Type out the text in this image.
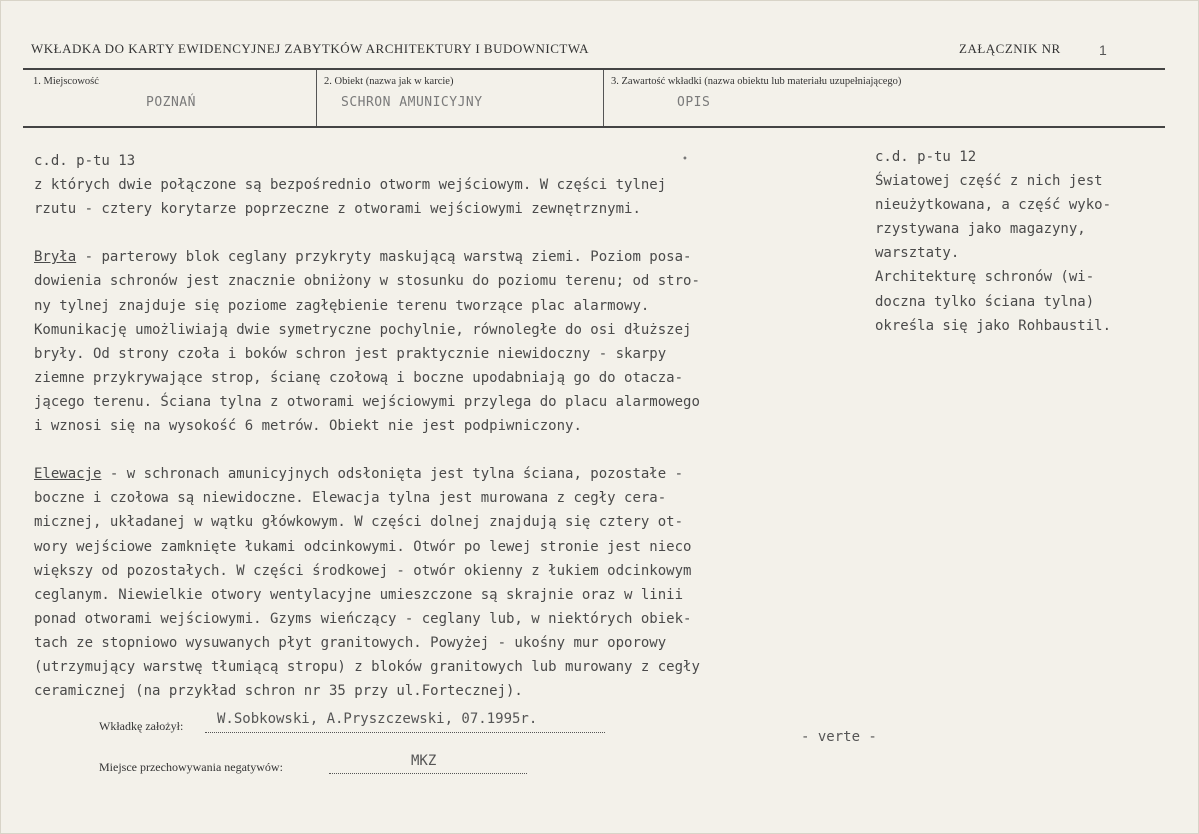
WKŁADKA DO KARTY EWIDENCYJNEJ ZABYTKÓW ARCHITEKTURY I BUDOWNICTWA	ZAŁĄCZNIK NR	1
1. Miejscowość
POZNAŃ
2. Obiekt (nazwa jak w karcie)
SCHRON AMUNICYJNY
3. Zawartość wkładki (nazwa obiektu lub materiału uzupełniającego)
OPIS
•
c.d. p-tu 13
z których dwie połączone są bezpośrednio otworm wejściowym. W części tylnej
rzutu - cztery korytarze poprzeczne z otworami wejściowymi zewnętrznymi.
Bryła - parterowy blok ceglany przykryty maskującą warstwą ziemi. Poziom posa-
dowienia schronów jest znacznie obniżony w stosunku do poziomu terenu; od stro-
ny tylnej znajduje się poziome zagłębienie terenu tworzące plac alarmowy.
Komunikację umożliwiają dwie symetryczne pochylnie, równoległe do osi dłuższej
bryły. Od strony czoła i boków schron jest praktycznie niewidoczny - skarpy
ziemne przykrywające strop, ścianę czołową i boczne upodabniają go do otacza-
jącego terenu. Ściana tylna z otworami wejściowymi przylega do placu alarmowego
i wznosi się na wysokość 6 metrów. Obiekt nie jest podpiwniczony.
Elewacje - w schronach amunicyjnych odsłonięta jest tylna ściana, pozostałe -
boczne i czołowa są niewidoczne. Elewacja tylna jest murowana z cegły cera-
micznej, układanej w wątku główkowym. W części dolnej znajdują się cztery ot-
wory wejściowe zamknięte łukami odcinkowymi. Otwór po lewej stronie jest nieco
większy od pozostałych. W części środkowej - otwór okienny z łukiem odcinkowym
ceglanym. Niewielkie otwory wentylacyjne umieszczone są skrajnie oraz w linii
ponad otworami wejściowymi. Gzyms wieńczący - ceglany lub, w niektórych obiek-
tach ze stopniowo wysuwanych płyt granitowych. Powyżej - ukośny mur oporowy
(utrzymujący warstwę tłumiącą stropu) z bloków granitowych lub murowany z cegły
ceramicznej (na przykład schron nr 35 przy ul.Fortecznej).
c.d. p-tu 12
Światowej część z nich jest
nieużytkowana, a część wyko-
rzystywana jako magazyny,
warsztaty.
Architekturę schronów (wi-
doczna tylko ściana tylna)
określa się jako Rohbaustil.
Wkładkę założył: W.Sobkowski, A.Pryszczewski, 07.1995r.
Miejsce przechowywania negatywów:	MKZ
- verte -
